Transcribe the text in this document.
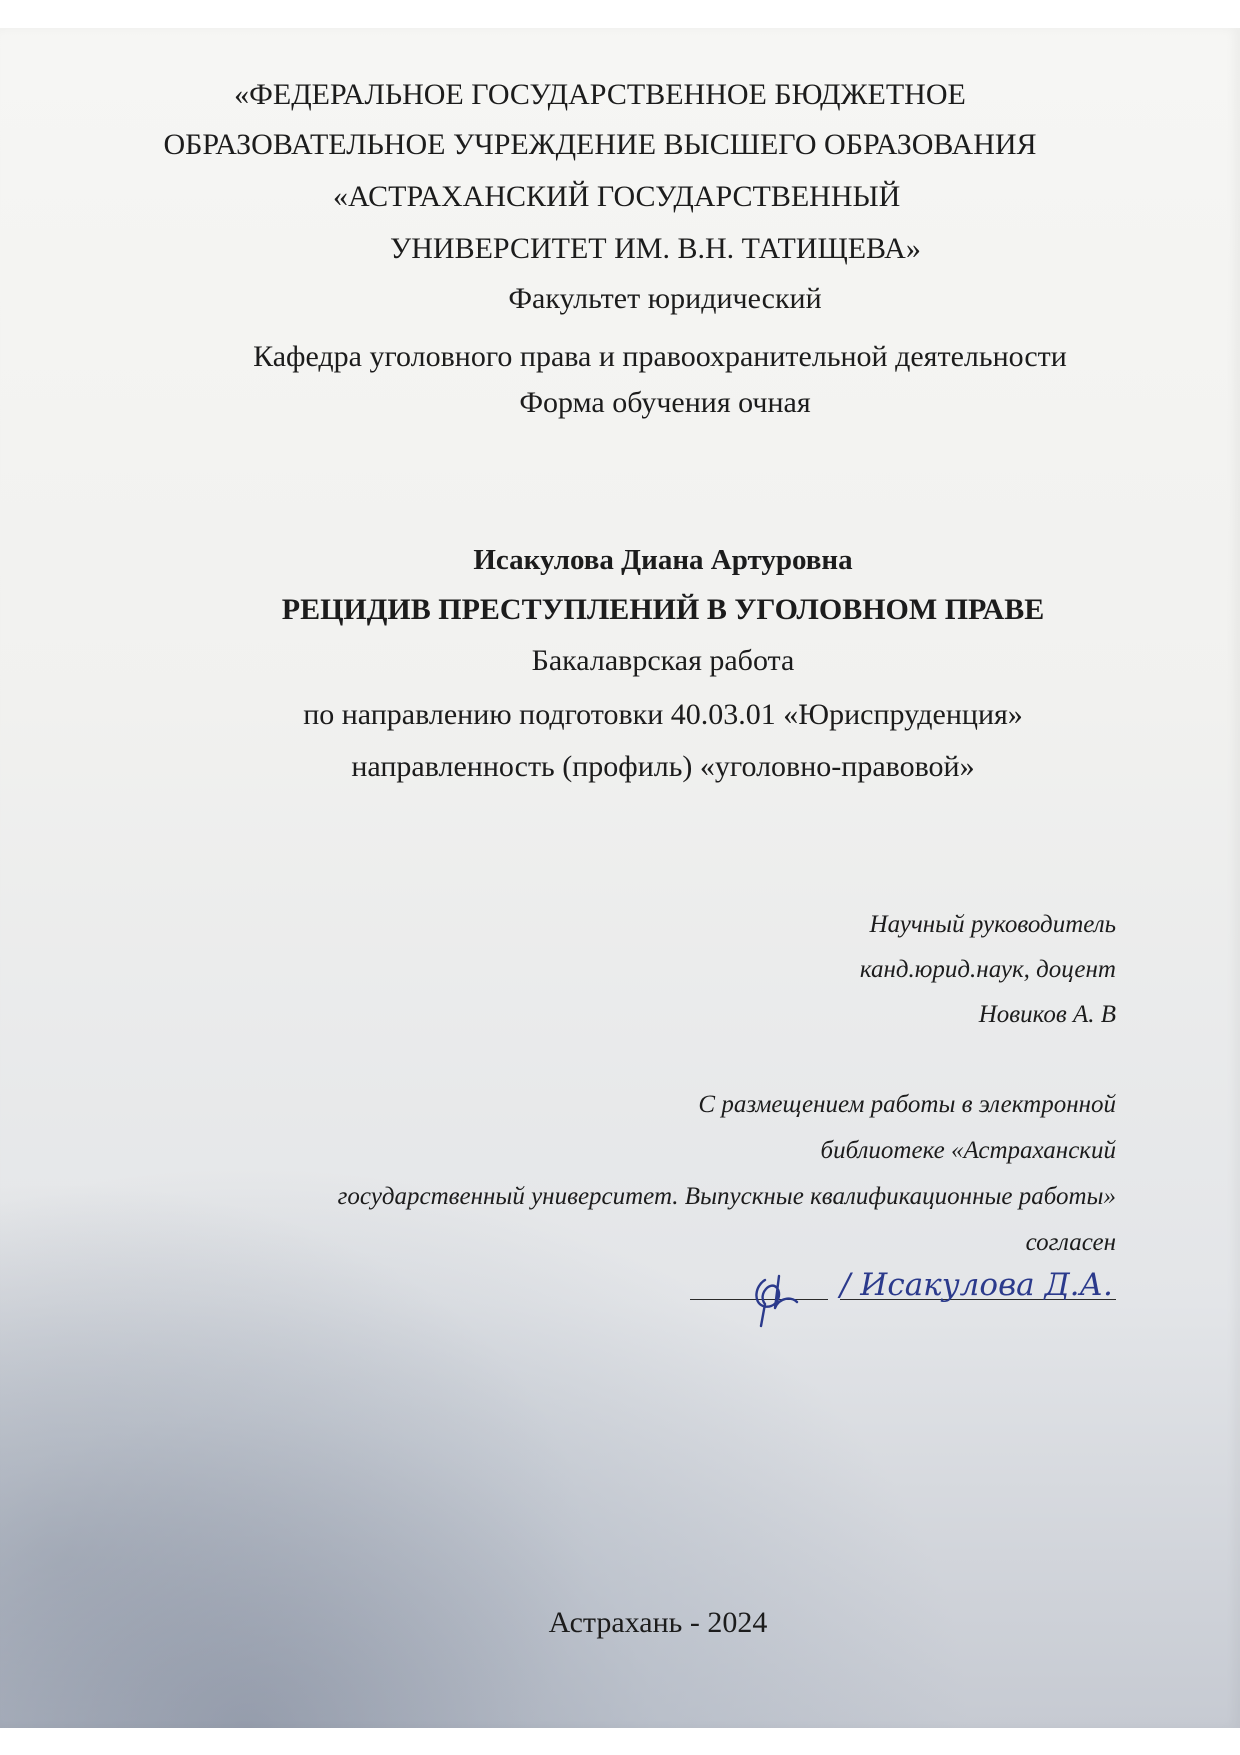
«ФЕДЕРАЛЬНОЕ ГОСУДАРСТВЕННОЕ БЮДЖЕТНОЕ
ОБРАЗОВАТЕЛЬНОЕ УЧРЕЖДЕНИЕ ВЫСШЕГО ОБРАЗОВАНИЯ
«АСТРАХАНСКИЙ ГОСУДАРСТВЕННЫЙ
УНИВЕРСИТЕТ ИМ. В.Н. ТАТИЩЕВА»
Факультет юридический
Кафедра уголовного права и правоохранительной деятельности
Форма обучения очная
Исакулова Диана Артуровна
РЕЦИДИВ ПРЕСТУПЛЕНИЙ В УГОЛОВНОМ ПРАВЕ
Бакалаврская работа
по направлению подготовки 40.03.01 «Юриспруденция»
направленность (профиль) «уголовно-правовой»
Научный руководитель
канд.юрид.наук, доцент
Новиков А. В
С размещением работы в электронной
библиотеке «Астраханский
государственный университет. Выпускные квалификационные работы»
согласен
/ Исакулова Д.А.
Астрахань - 2024
